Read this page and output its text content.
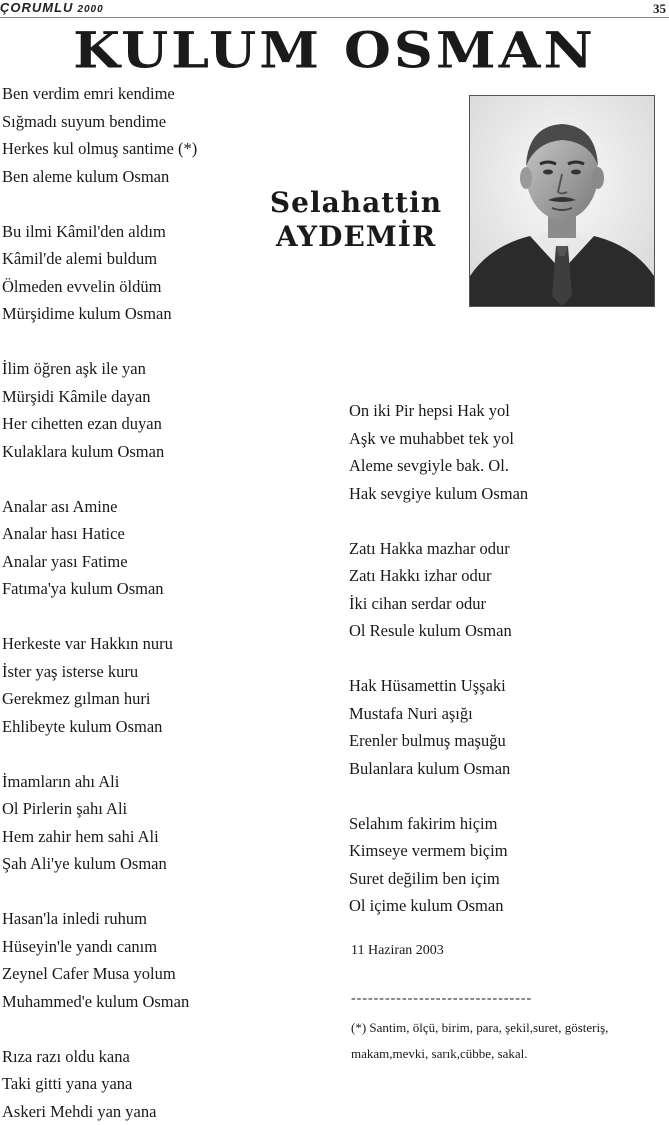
ÇORUMLU 2000	35
KULUM OSMAN
Selahattin
AYDEMİR
Ben verdim emri kendime
Sığmadı suyum bendime
Herkes kul olmuş santime (*)
Ben aleme kulum Osman
Bu ilmi Kâmil'den aldım
Kâmil'de alemi buldum
Ölmeden evvelin öldüm
Mürşidime kulum Osman
İlim öğren aşk ile yan
Mürşidi Kâmile dayan
Her cihetten ezan duyan
Kulaklara kulum Osman
Analar ası Amine
Analar hası Hatice
Analar yası Fatime
Fatıma'ya kulum Osman
Herkeste var Hakkın nuru
İster yaş isterse kuru
Gerekmez gılman huri
Ehlibeyte kulum Osman
İmamların ahı Ali
Ol Pirlerin şahı Ali
Hem zahir hem sahi Ali
Şah Ali'ye kulum Osman
Hasan'la inledi ruhum
Hüseyin'le yandı canım
Zeynel Cafer Musa yolum
Muhammed'e kulum Osman
Rıza razı oldu kana
Taki gitti yana yana
Askeri Mehdi yan yana
On iki Pir hepsi Hak yol
Aşk ve muhabbet tek yol
Aleme sevgiyle bak. Ol.
Hak sevgiye kulum Osman
Zatı Hakka mazhar odur
Zatı Hakkı izhar odur
İki cihan serdar odur
Ol Resule kulum Osman
Hak Hüsamettin Uşşaki
Mustafa Nuri aşığı
Erenler bulmuş maşuğu
Bulanlara kulum Osman
Selahım fakirim hiçim
Kimseye vermem biçim
Suret değilim ben içim
Ol içime kulum Osman
11 Haziran 2003
--------------------------------
(*) Santim, ölçü, birim, para, şekil,suret, gösteriş, makam,mevki, sarık,cübbe, sakal.
